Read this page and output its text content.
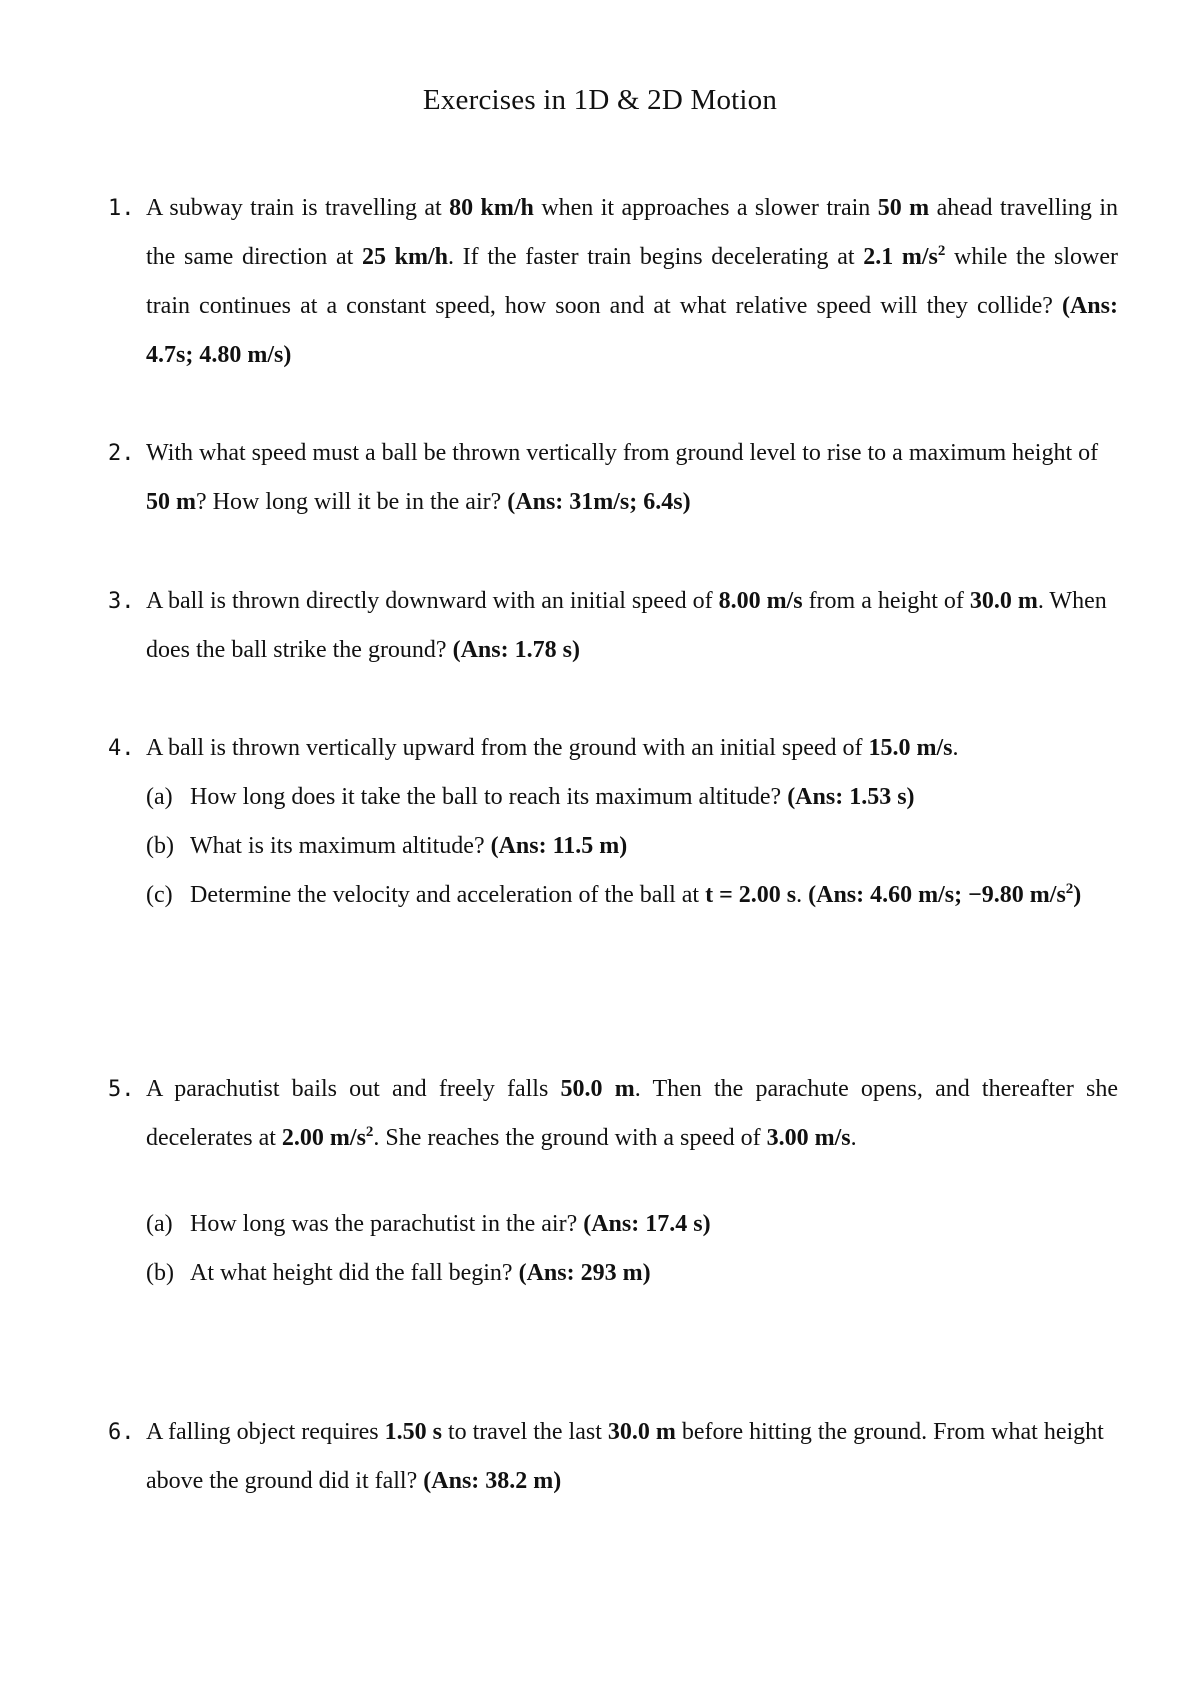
Exercises in 1D & 2D Motion
1. A subway train is travelling at 80 km/h when it approaches a slower train 50 m ahead travelling in the same direction at 25 km/h. If the faster train begins decelerating at 2.1 $m/s^2$ while the slower train continues at a constant speed, how soon and at what relative speed will they collide? (Ans: 4.7s; 4.80 m/s)
2. With what speed must a ball be thrown vertically from ground level to rise to a maximum height of 50 m? How long will it be in the air? (Ans: 31m/s; 6.4s)
3. A ball is thrown directly downward with an initial speed of 8.00 m/s from a height of 30.0 m. When does the ball strike the ground? (Ans: 1.78 s)
4. A ball is thrown vertically upward from the ground with an initial speed of 15.0 m/s.
(a) How long does it take the ball to reach its maximum altitude? (Ans: 1.53 s)
(b) What is its maximum altitude? (Ans: 11.5 m)
(c) Determine the velocity and acceleration of the ball at t = 2.00 s. (Ans: 4.60 m/s; −9.80 $m/s^2$)
5. A parachutist bails out and freely falls 50.0 m. Then the parachute opens, and thereafter she decelerates at 2.00 $m/s^2$. She reaches the ground with a speed of 3.00 m/s.
(a) How long was the parachutist in the air? (Ans: 17.4 s)
(b) At what height did the fall begin? (Ans: 293 m)
6. A falling object requires 1.50 s to travel the last 30.0 m before hitting the ground. From what height above the ground did it fall? (Ans: 38.2 m)
